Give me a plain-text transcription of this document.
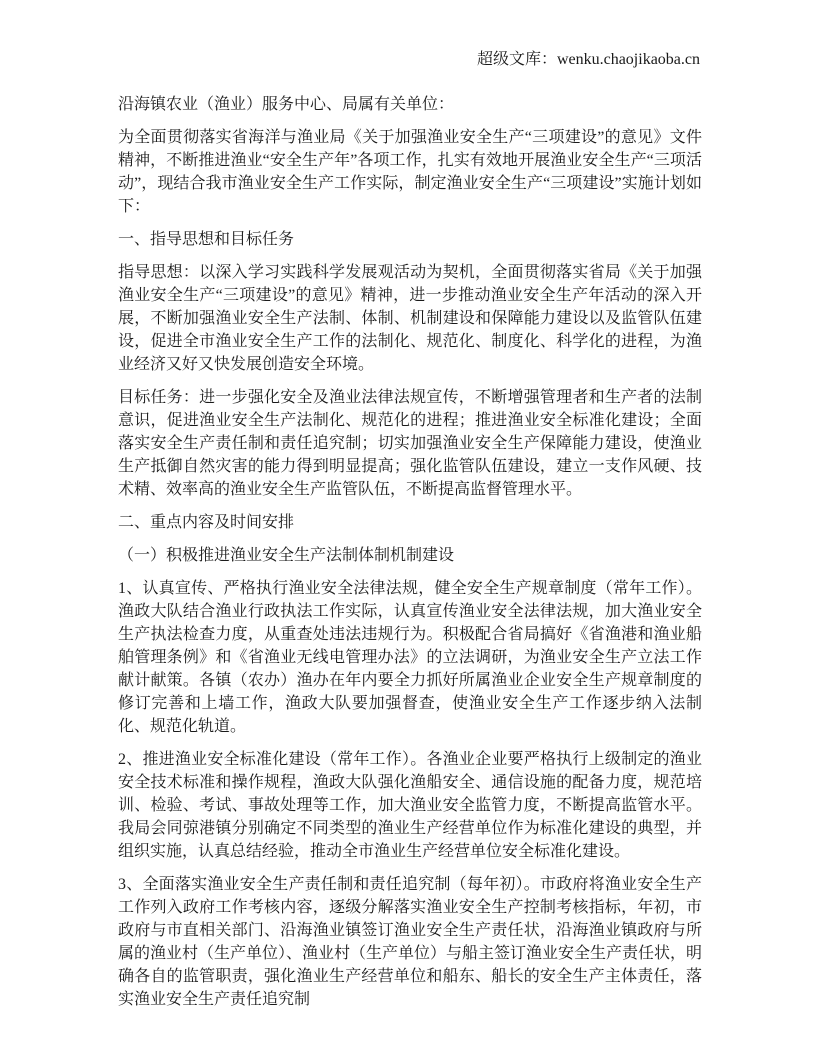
超级文库：wenku.chaojikaoba.cn

沿海镇农业（渔业）服务中心、局属有关单位：

为全面贯彻落实省海洋与渔业局《关于加强渔业安全生产“三项建设”的意见》文件精神，不断推进渔业“安全生产年”各项工作，扎实有效地开展渔业安全生产“三项活动”，现结合我市渔业安全生产工作实际，制定渔业安全生产“三项建设”实施计划如下：

一、指导思想和目标任务

指导思想：以深入学习实践科学发展观活动为契机，全面贯彻落实省局《关于加强渔业安全生产“三项建设”的意见》精神，进一步推动渔业安全生产年活动的深入开展，不断加强渔业安全生产法制、体制、机制建设和保障能力建设以及监管队伍建设，促进全市渔业安全生产工作的法制化、规范化、制度化、科学化的进程，为渔业经济又好又快发展创造安全环境。

目标任务：进一步强化安全及渔业法律法规宣传，不断增强管理者和生产者的法制意识，促进渔业安全生产法制化、规范化的进程；推进渔业安全标准化建设；全面落实安全生产责任制和责任追究制；切实加强渔业安全生产保障能力建设，使渔业生产抵御自然灾害的能力得到明显提高；强化监管队伍建设，建立一支作风硬、技术精、效率高的渔业安全生产监管队伍，不断提高监督管理水平。

二、重点内容及时间安排

（一）积极推进渔业安全生产法制体制机制建设

1、认真宣传、严格执行渔业安全法律法规，健全安全生产规章制度（常年工作）。渔政大队结合渔业行政执法工作实际，认真宣传渔业安全法律法规，加大渔业安全生产执法检查力度，从重查处违法违规行为。积极配合省局搞好《省渔港和渔业船舶管理条例》和《省渔业无线电管理办法》的立法调研，为渔业安全生产立法工作献计献策。各镇（农办）渔办在年内要全力抓好所属渔业企业安全生产规章制度的修订完善和上墙工作，渔政大队要加强督查，使渔业安全生产工作逐步纳入法制化、规范化轨道。

2、推进渔业安全标准化建设（常年工作）。各渔业企业要严格执行上级制定的渔业安全技术标准和操作规程，渔政大队强化渔船安全、通信设施的配备力度，规范培训、检验、考试、事故处理等工作，加大渔业安全监管力度，不断提高监管水平。我局会同弶港镇分别确定不同类型的渔业生产经营单位作为标准化建设的典型，并组织实施，认真总结经验，推动全市渔业生产经营单位安全标准化建设。

3、全面落实渔业安全生产责任制和责任追究制（每年初）。市政府将渔业安全生产工作列入政府工作考核内容，逐级分解落实渔业安全生产控制考核指标，年初，市政府与市直相关部门、沿海渔业镇签订渔业安全生产责任状，沿海渔业镇政府与所属的渔业村（生产单位）、渔业村（生产单位）与船主签订渔业安全生产责任状，明确各自的监管职责，强化渔业生产经营单位和船东、船长的安全生产主体责任，落实渔业安全生产责任追究制
